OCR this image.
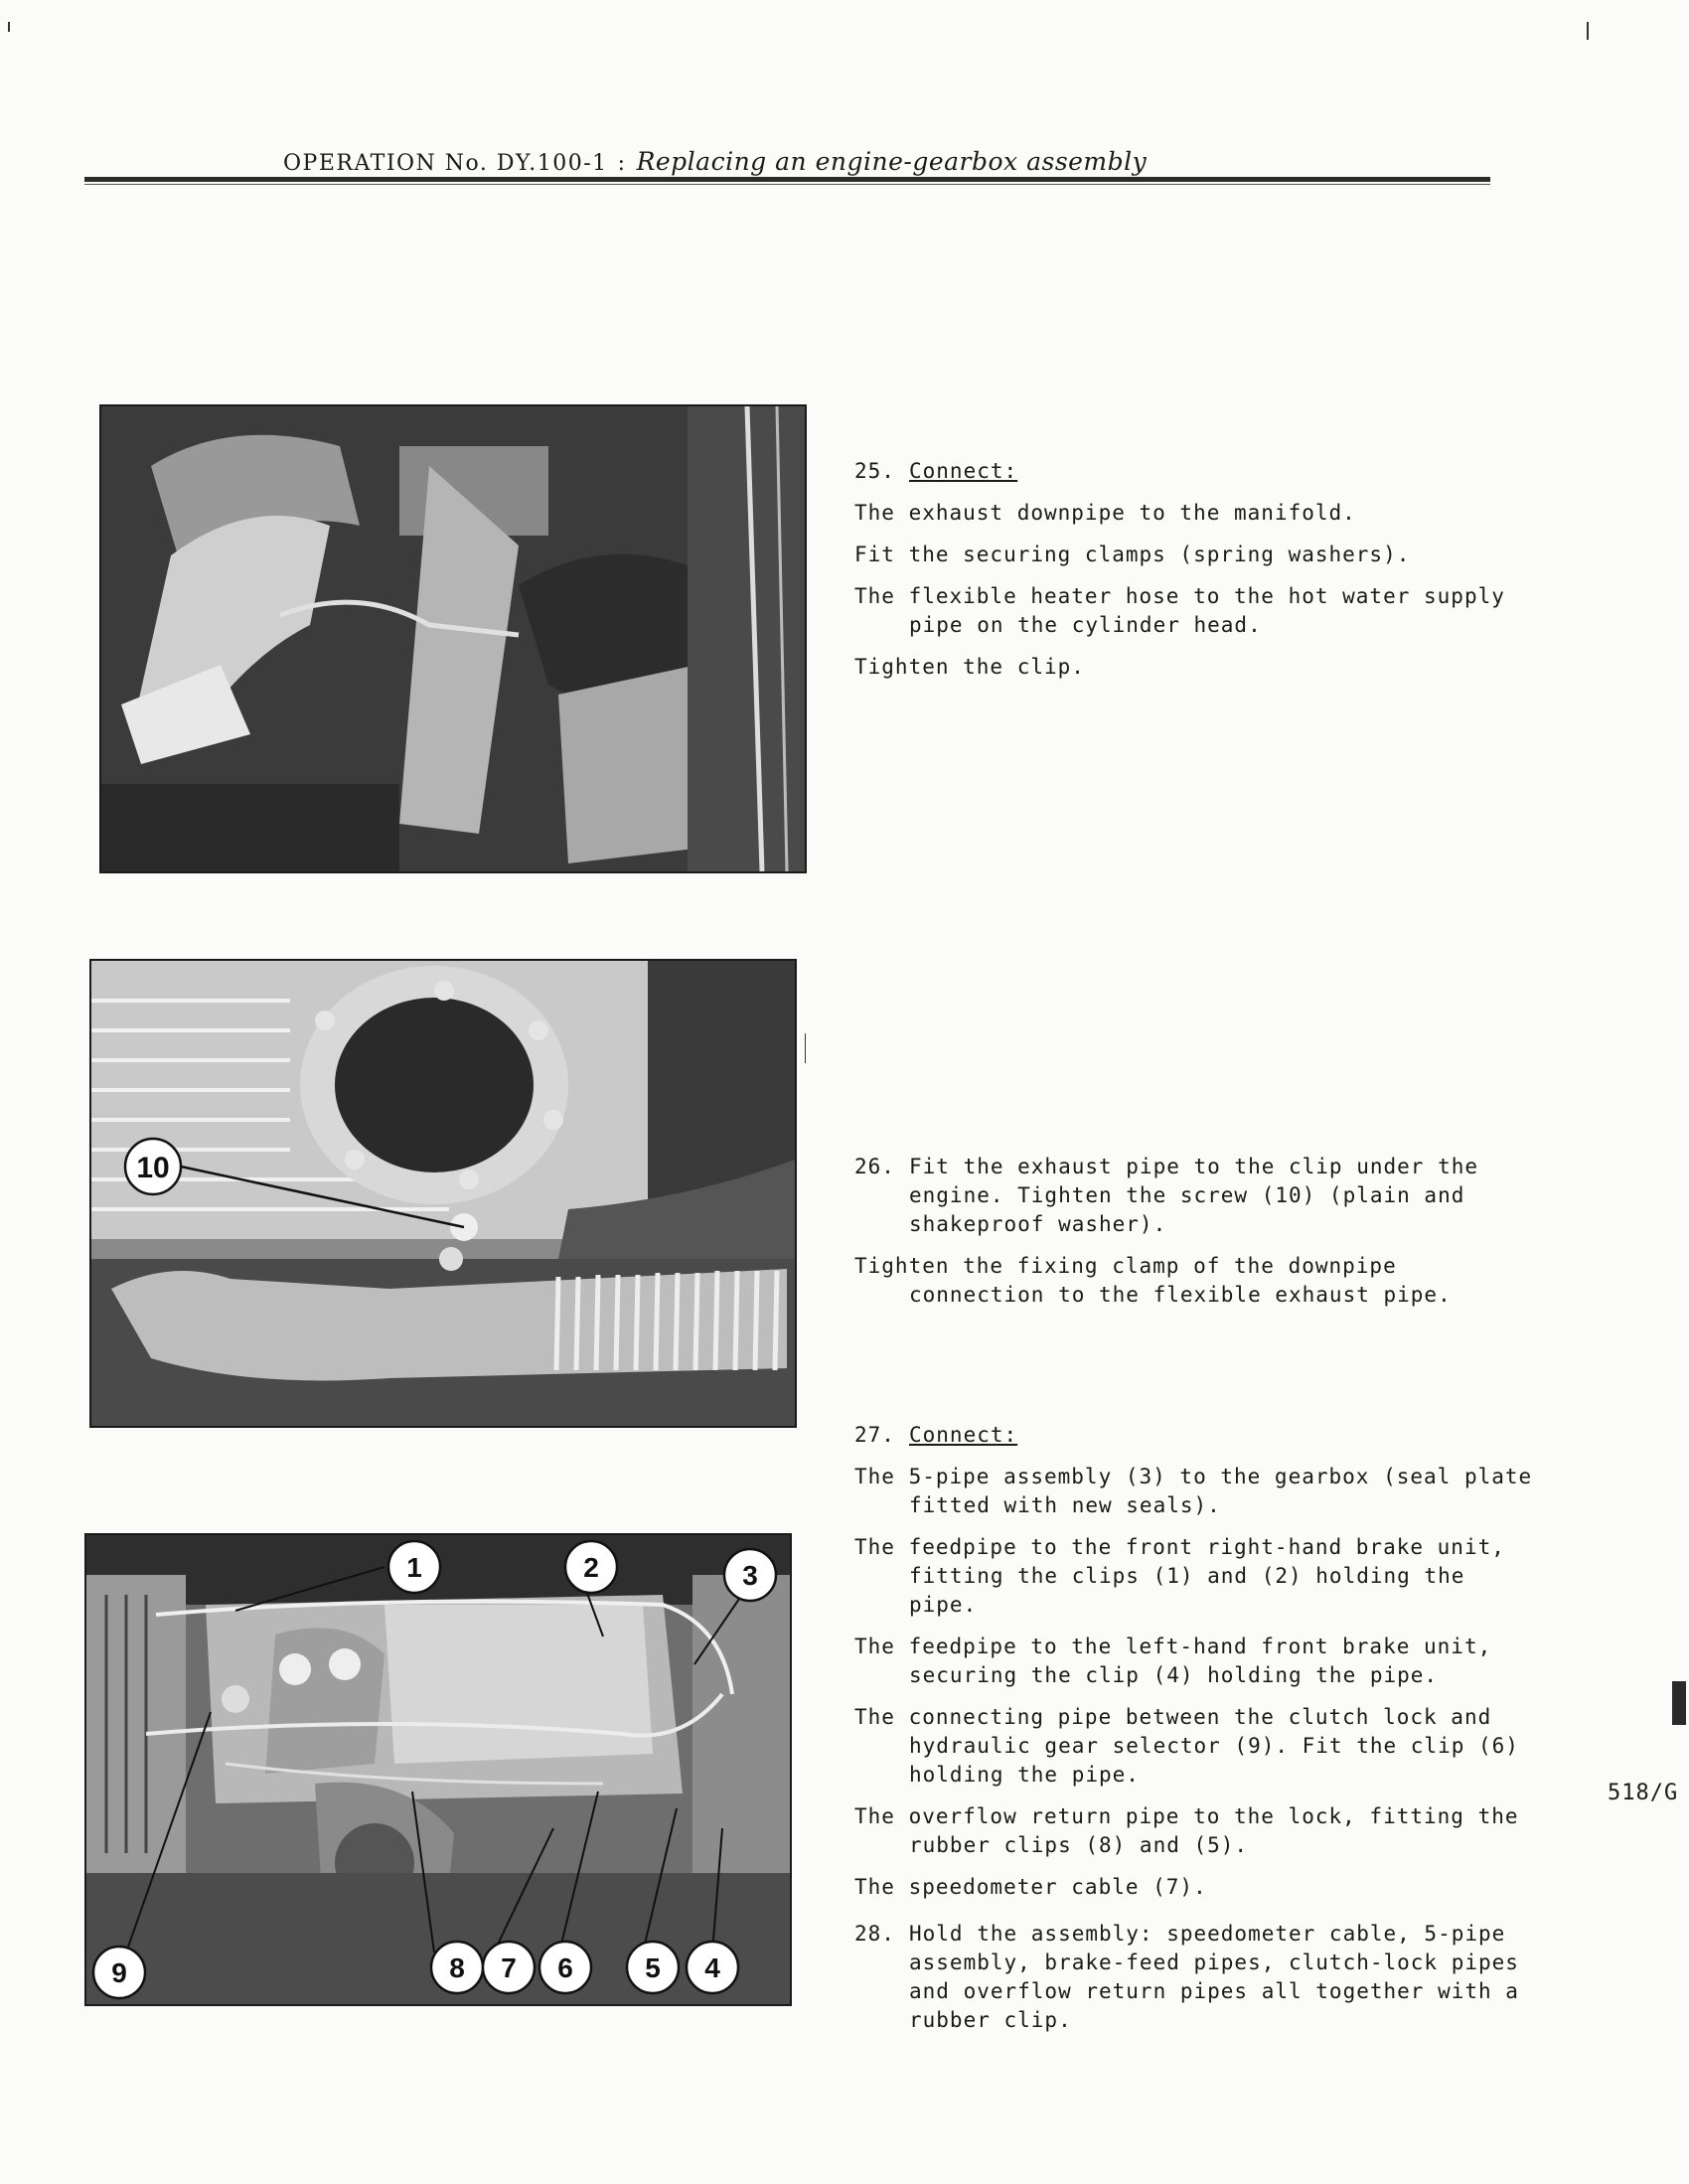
OPERATION No. DY.100-1 : Replacing an engine-gearbox assembly
10
1	2	3
9	8 7 6	5 4

25. Connect:

The exhaust downpipe to the manifold.

Fit the securing clamps (spring washers).

The flexible heater hose to the hot water supply pipe on the cylinder head.

Tighten the clip.

26. Fit the exhaust pipe to the clip under the engine. Tighten the screw (10) (plain and shakeproof washer).

Tighten the fixing clamp of the downpipe connection to the flexible exhaust pipe.

27. Connect:

The 5-pipe assembly (3) to the gearbox (seal plate fitted with new seals).

The feedpipe to the front right-hand brake unit, fitting the clips (1) and (2) holding the pipe.

The feedpipe to the left-hand front brake unit, securing the clip (4) holding the pipe.

The connecting pipe between the clutch lock and hydraulic gear selector (9). Fit the clip (6) holding the pipe.

The overflow return pipe to the lock, fitting the rubber clips (8) and (5).

The speedometer cable (7).

28. Hold the assembly: speedometer cable, 5-pipe assembly, brake-feed pipes, clutch-lock pipes and overflow return pipes all together with a rubber clip.

518/G
